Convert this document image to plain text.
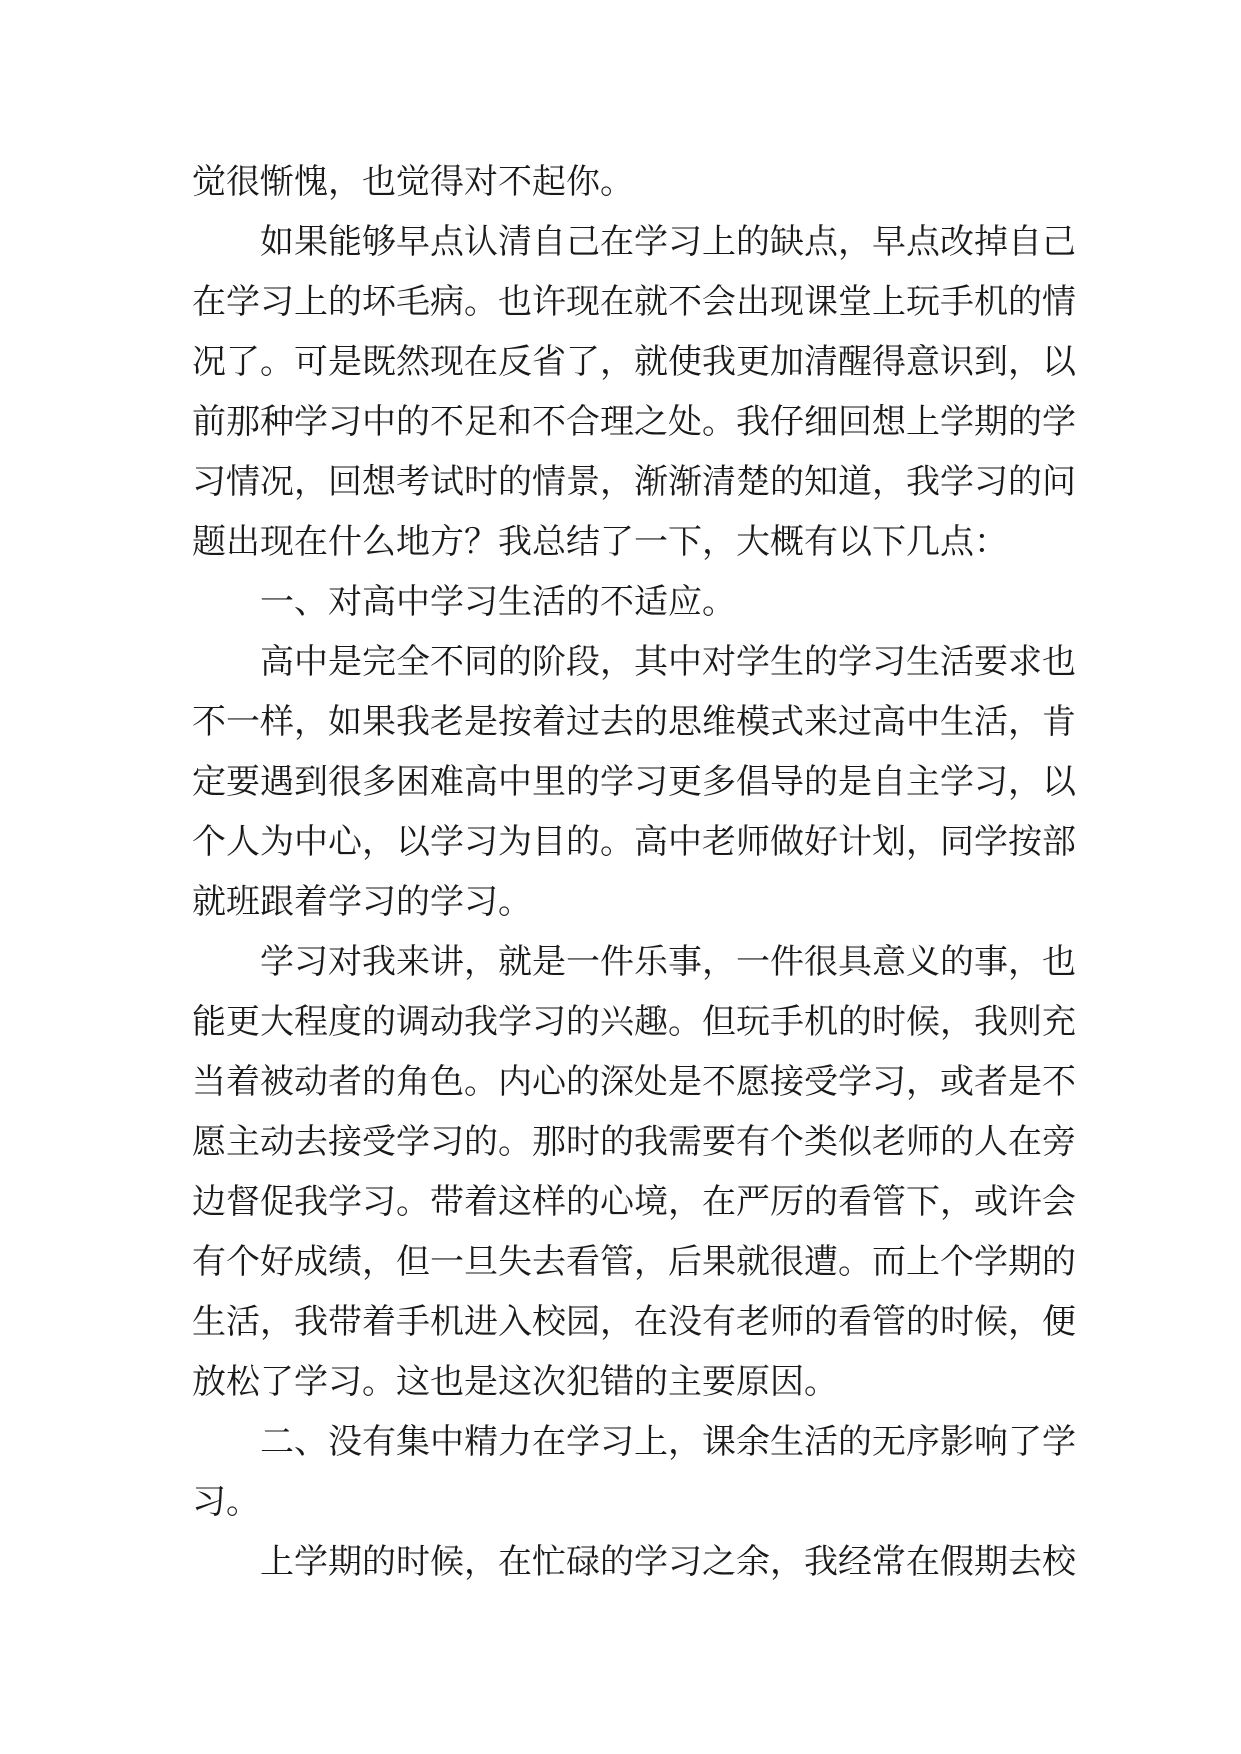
觉很惭愧，也觉得对不起你。
如果能够早点认清自己在学习上的缺点，早点改掉自己
在学习上的坏毛病。也许现在就不会出现课堂上玩手机的情
况了。可是既然现在反省了，就使我更加清醒得意识到，以
前那种学习中的不足和不合理之处。我仔细回想上学期的学
习情况，回想考试时的情景，渐渐清楚的知道，我学习的问
题出现在什么地方？我总结了一下，大概有以下几点：
一、对高中学习生活的不适应。
高中是完全不同的阶段，其中对学生的学习生活要求也
不一样，如果我老是按着过去的思维模式来过高中生活，肯
定要遇到很多困难高中里的学习更多倡导的是自主学习，以
个人为中心，以学习为目的。高中老师做好计划，同学按部
就班跟着学习的学习。
学习对我来讲，就是一件乐事，一件很具意义的事，也
能更大程度的调动我学习的兴趣。但玩手机的时候，我则充
当着被动者的角色。内心的深处是不愿接受学习，或者是不
愿主动去接受学习的。那时的我需要有个类似老师的人在旁
边督促我学习。带着这样的心境，在严厉的看管下，或许会
有个好成绩，但一旦失去看管，后果就很遭。而上个学期的
生活，我带着手机进入校园，在没有老师的看管的时候，便
放松了学习。这也是这次犯错的主要原因。
二、没有集中精力在学习上，课余生活的无序影响了学
习。
上学期的时候，在忙碌的学习之余，我经常在假期去校
